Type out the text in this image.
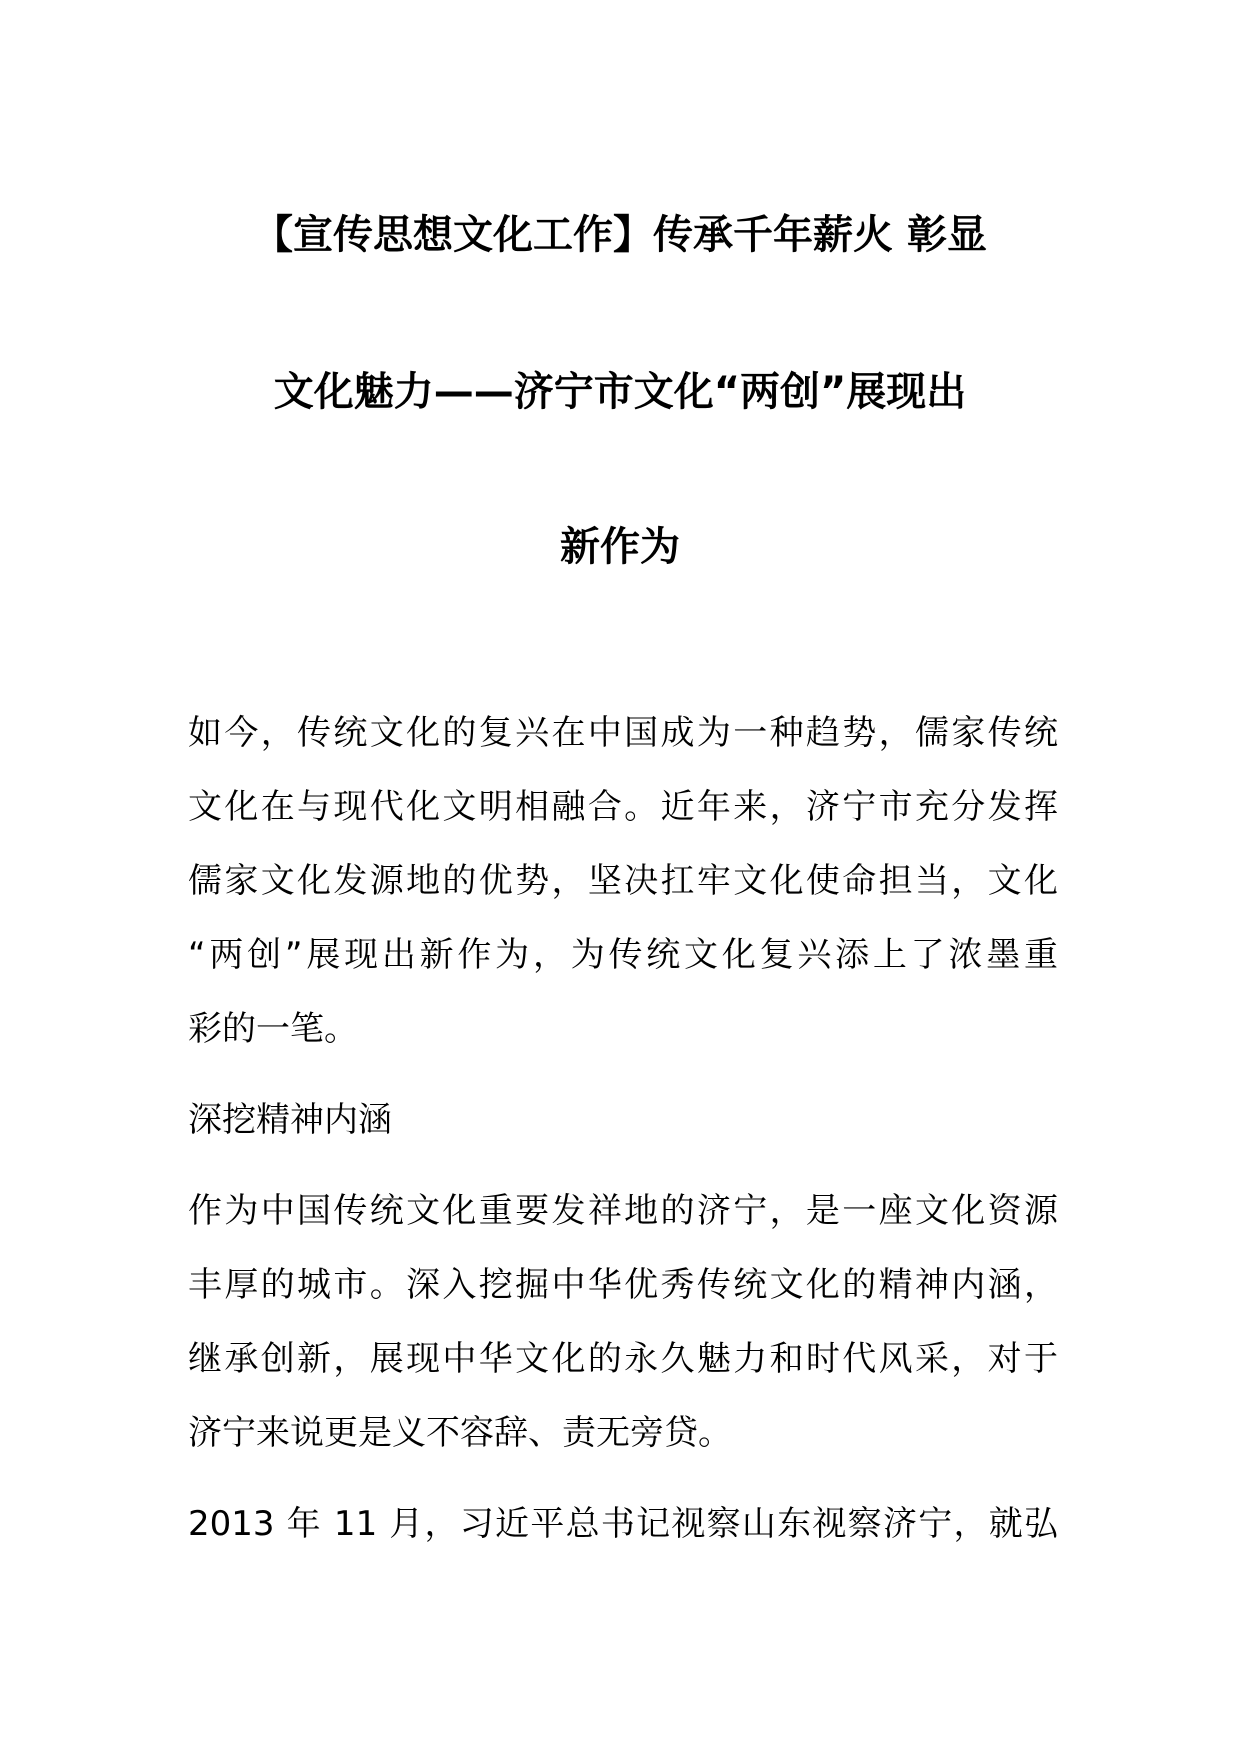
【宣传思想文化工作】传承千年薪火 彰显
文化魅力——济宁市文化“两创”展现出
新作为
如今，传统文化的复兴在中国成为一种趋势，儒家传统
文化在与现代化文明相融合。近年来，济宁市充分发挥
儒家文化发源地的优势，坚决扛牢文化使命担当，文化
“两创”展现出新作为，为传统文化复兴添上了浓墨重
彩的一笔。
深挖精神内涵
作为中国传统文化重要发祥地的济宁，是一座文化资源
丰厚的城市。深入挖掘中华优秀传统文化的精神内涵，
继承创新，展现中华文化的永久魅力和时代风采，对于
济宁来说更是义不容辞、责无旁贷。
2013 年 11 月，习近平总书记视察山东视察济宁，就弘
